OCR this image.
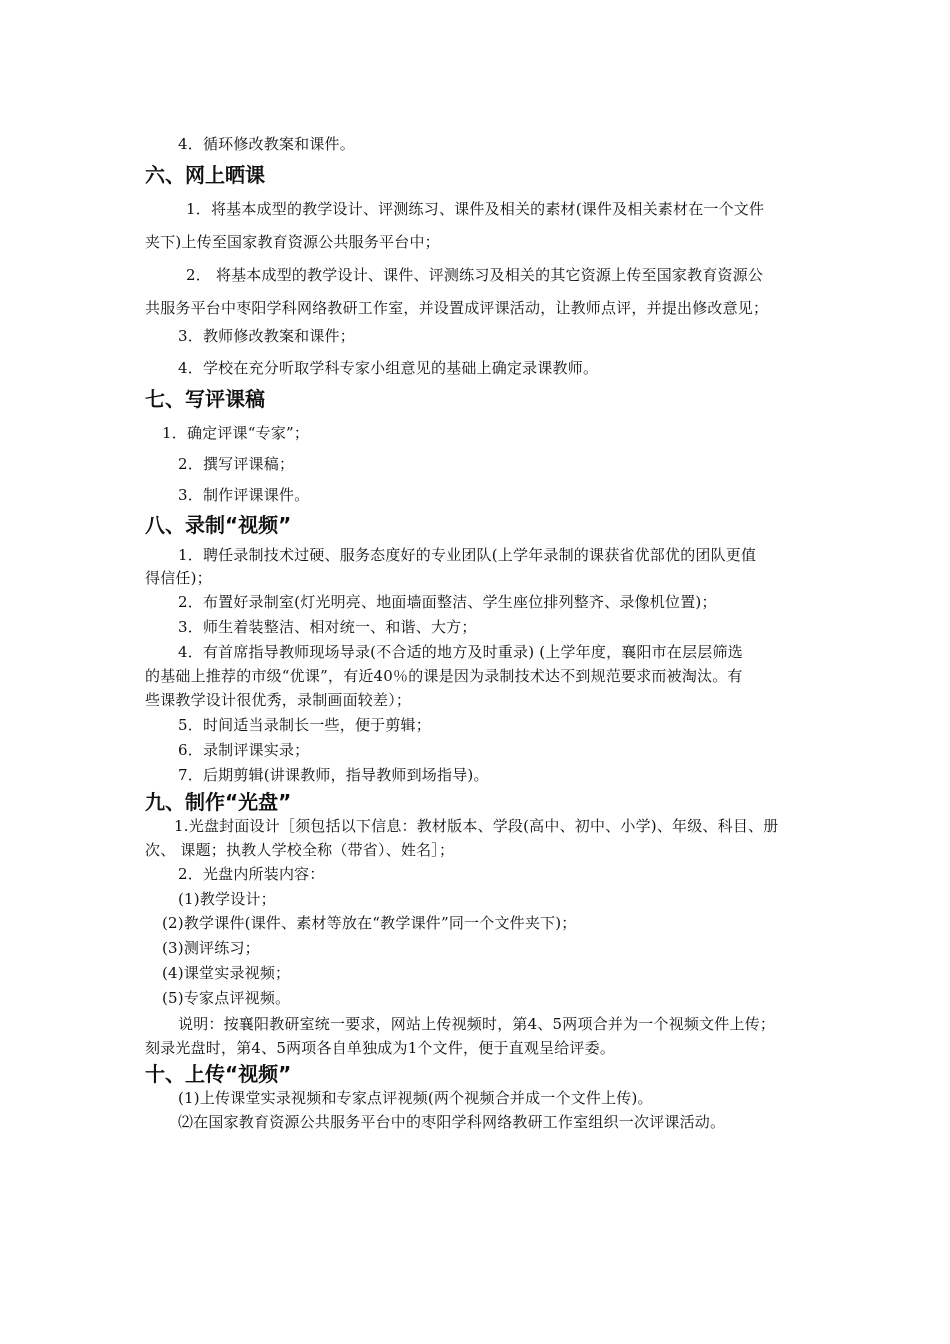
4．循环修改教案和课件。
六、网上晒课
1．将基本成型的教学设计、评测练习、课件及相关的素材(课件及相关素材在一个文件
夹下)上传至国家教育资源公共服务平台中；
2． 将基本成型的教学设计、课件、评测练习及相关的其它资源上传至国家教育资源公
共服务平台中枣阳学科网络教研工作室，并设置成评课活动，让教师点评，并提出修改意见；
3．教师修改教案和课件；
4．学校在充分听取学科专家小组意见的基础上确定录课教师。
七、写评课稿
1．确定评课“专家”；
2．撰写评课稿；
3．制作评课课件。
八、录制“视频”
1．聘任录制技术过硬、服务态度好的专业团队(上学年录制的课获省优部优的团队更值
得信任)；
2．布置好录制室(灯光明亮、地面墙面整洁、学生座位排列整齐、录像机位置)；
3．师生着装整洁、相对统一、和谐、大方；
4．有首席指导教师现场导录(不合适的地方及时重录) (上学年度，襄阳市在层层筛选
的基础上推荐的市级“优课”，有近40％的课是因为录制技术达不到规范要求而被淘汰。有
些课教学设计很优秀，录制画面较差）；
5．时间适当录制长一些，便于剪辑；
6．录制评课实录；
7．后期剪辑(讲课教师，指导教师到场指导)。
九、制作“光盘”
1.光盘封面设计［须包括以下信息：教材版本、学段(高中、初中、小学)、年级、科目、册
次、 课题；执教人学校全称（带省）、姓名］；
2．光盘内所装内容：
(1)教学设计；
(2)教学课件(课件、素材等放在“教学课件”同一个文件夹下)；
(3)测评练习；
(4)课堂实录视频；
(5)专家点评视频。
说明：按襄阳教研室统一要求，网站上传视频时，第4、5两项合并为一个视频文件上传；
刻录光盘时，第4、5两项各自单独成为1个文件，便于直观呈给评委。
十、上传“视频”
(1)上传课堂实录视频和专家点评视频(两个视频合并成一个文件上传)。
⑵在国家教育资源公共服务平台中的枣阳学科网络教研工作室组织一次评课活动。
